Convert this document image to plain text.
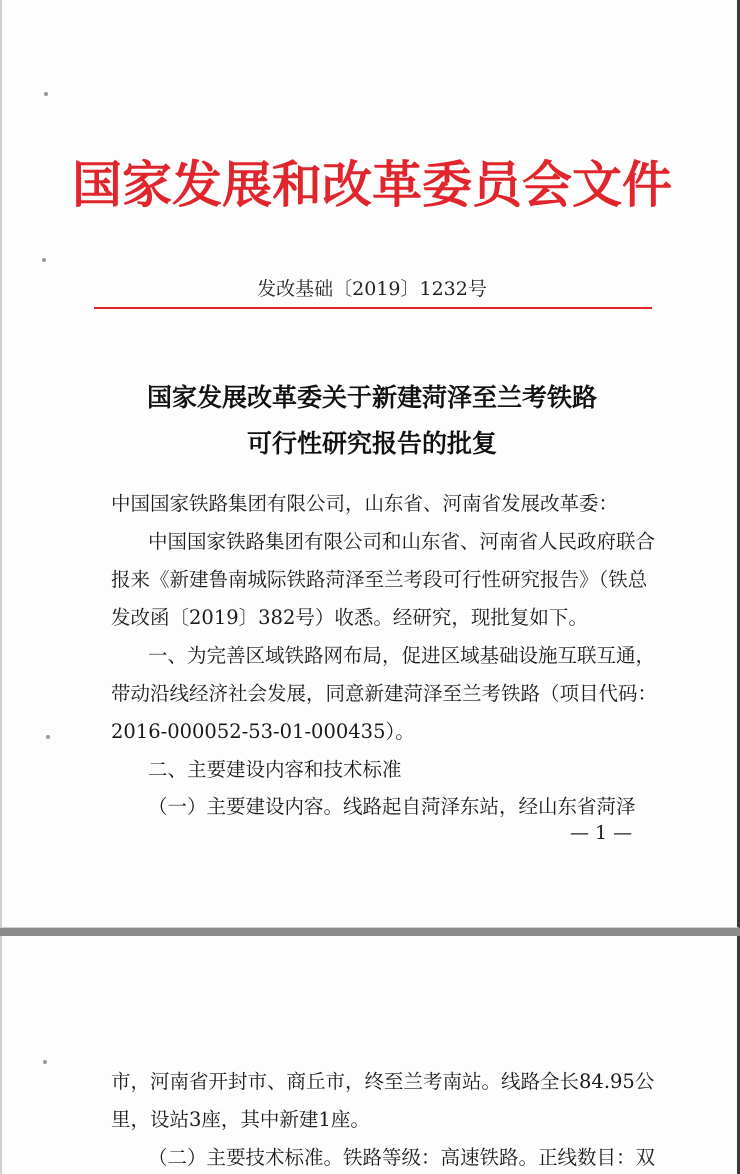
国家发展和改革委员会文件
发改基础〔2019〕1232号
国家发展改革委关于新建菏泽至兰考铁路
可行性研究报告的批复
中国国家铁路集团有限公司，山东省、河南省发展改革委：
中国国家铁路集团有限公司和山东省、河南省人民政府联合
报来《新建鲁南城际铁路菏泽至兰考段可行性研究报告》（铁总
发改函〔2019〕382号）收悉。经研究，现批复如下。
一、为完善区域铁路网布局，促进区域基础设施互联互通，
带动沿线经济社会发展，同意新建菏泽至兰考铁路（项目代码：
2016-000052-53-01-000435）。
二、主要建设内容和技术标准
（一）主要建设内容。线路起自菏泽东站，经山东省菏泽
— 1 —
市，河南省开封市、商丘市，终至兰考南站。线路全长84.95公
里，设站3座，其中新建1座。
（二）主要技术标准。铁路等级：高速铁路。正线数目：双
